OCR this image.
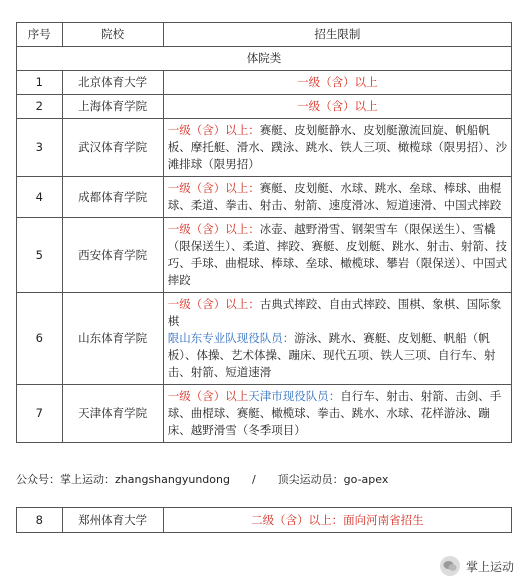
序号	院校	招生限制
体院类		
1	北京体育大学	一级（含）以上
2	上海体育学院	一级（含）以上
3	武汉体育学院	一级（含）以上：赛艇、皮划艇静水、皮划艇激流回旋、帆船帆板、摩托艇、滑水、蹼泳、跳水、铁人三项、橄榄球（限男招）、沙滩排球（限男招）
4	成都体育学院	一级（含）以上：赛艇、皮划艇、水球、跳水、垒球、棒球、曲棍球、柔道、拳击、射击、射箭、速度滑冰、短道速滑、中国式摔跤
5	西安体育学院	一级（含）以上：冰壶、越野滑雪、钢架雪车（限保送生）、雪橇（限保送生）、柔道、摔跤、赛艇、皮划艇、跳水、射击、射箭、技巧、手球、曲棍球、棒球、垒球、橄榄球、攀岩（限保送）、中国式摔跤
6	山东体育学院	一级（含）以上：古典式摔跤、自由式摔跤、围棋、象棋、国际象棋
限山东专业队现役队员：游泳、跳水、赛艇、皮划艇、帆船（帆板）、体操、艺术体操、蹦床、现代五项、铁人三项、自行车、射击、射箭、短道速滑
7	天津体育学院	一级（含）以上天津市现役队员：自行车、射击、射箭、击剑、手球、曲棍球、赛艇、橄榄球、拳击、跳水、水球、花样游泳、蹦床、越野滑雪（冬季项目）
公众号：掌上运动：zhangshangyundong　　/　　顶尖运动员：go-apex
8	郑州体育大学	二级（含）以上：面向河南省招生
掌上运动
